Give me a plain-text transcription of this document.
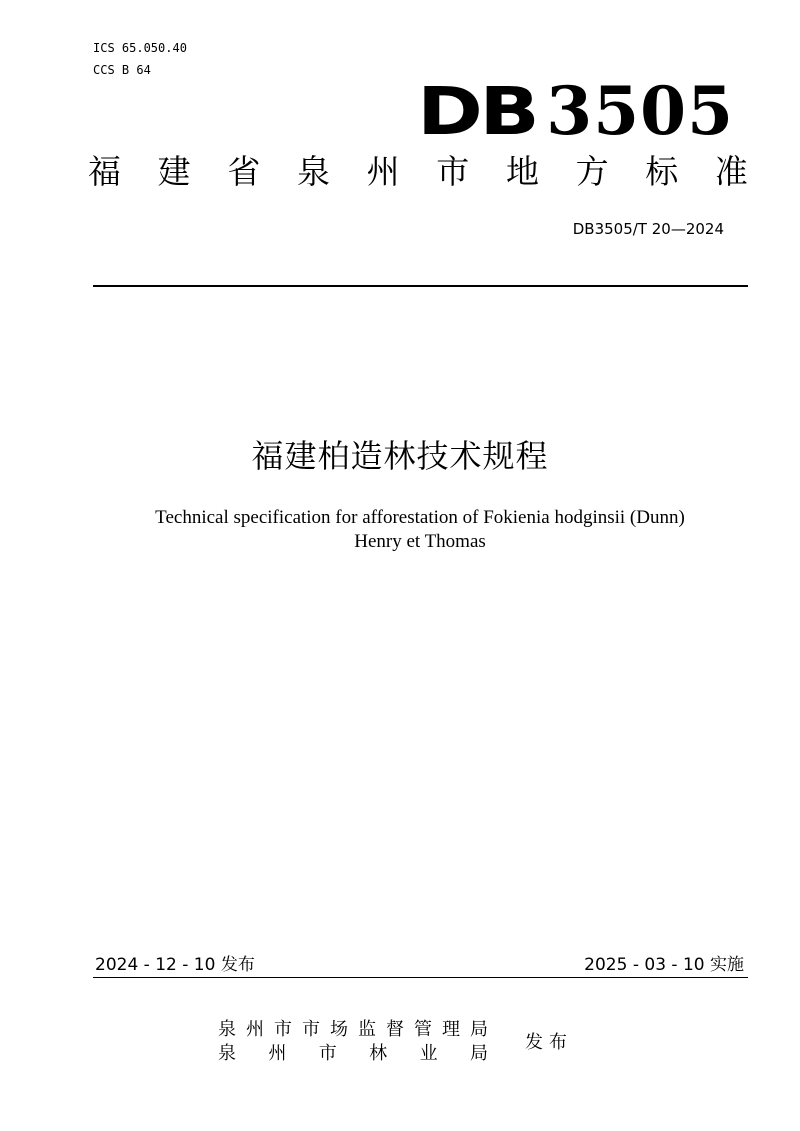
ICS 65.050.40
CCS B 64
DB 3505
福 建 省 泉 州 市 地 方 标 准
DB3505/T 20—2024
福建柏造林技术规程
Technical specification for afforestation of Fokienia hodginsii (Dunn)
Henry et Thomas
2024 - 12 - 10 发布	2025 - 03 - 10 实施
泉 州 市 市 场 监 督 管 理 局
泉 州 市 林 业 局
发布
